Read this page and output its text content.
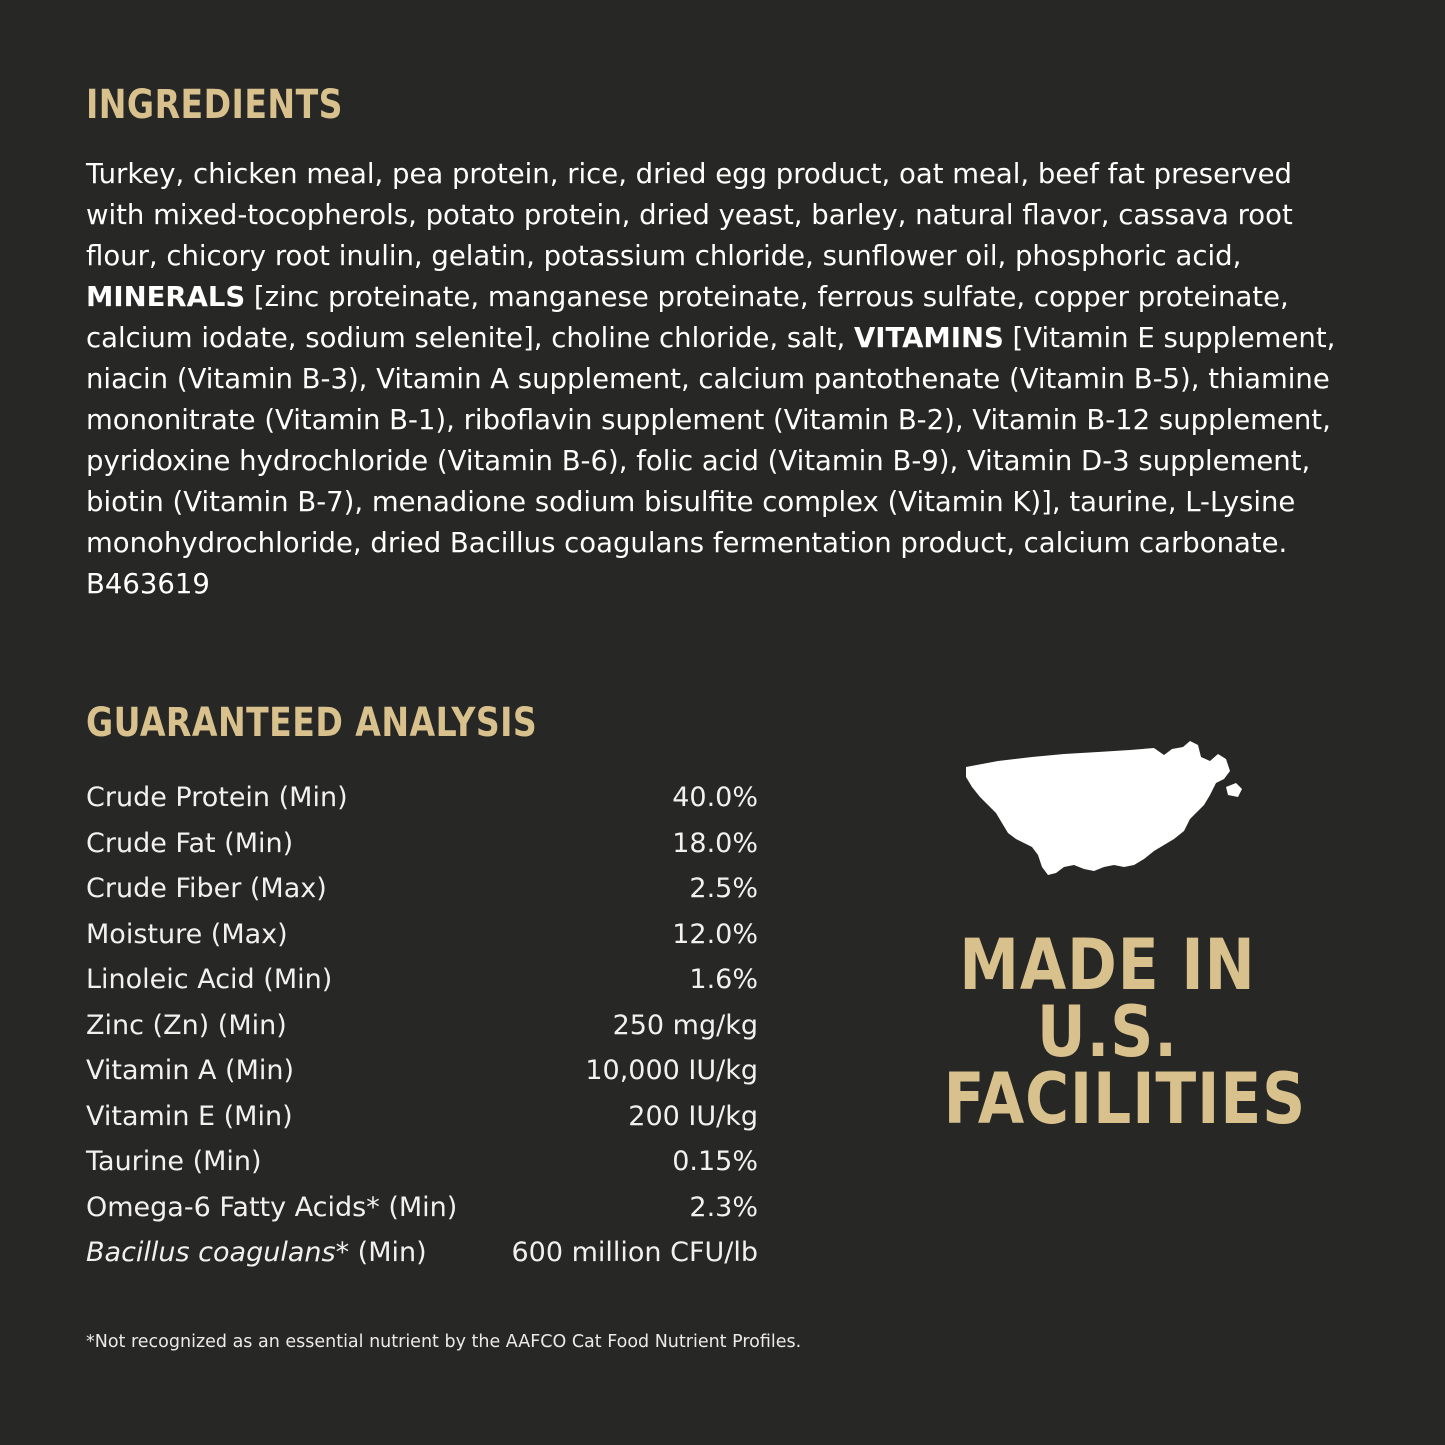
INGREDIENTS
Turkey, chicken meal, pea protein, rice, dried egg product, oat meal, beef fat preserved with mixed-tocopherols, potato protein, dried yeast, barley, natural flavor, cassava root flour, chicory root inulin, gelatin, potassium chloride, sunflower oil, phosphoric acid, MINERALS [zinc proteinate, manganese proteinate, ferrous sulfate, copper proteinate, calcium iodate, sodium selenite], choline chloride, salt, VITAMINS [Vitamin E supplement, niacin (Vitamin B-3), Vitamin A supplement, calcium pantothenate (Vitamin B-5), thiamine mononitrate (Vitamin B-1), riboflavin supplement (Vitamin B-2), Vitamin B-12 supplement, pyridoxine hydrochloride (Vitamin B-6), folic acid (Vitamin B-9), Vitamin D-3 supplement, biotin (Vitamin B-7), menadione sodium bisulfite complex (Vitamin K)], taurine, L-Lysine monohydrochloride, dried Bacillus coagulans fermentation product, calcium carbonate. B463619
GUARANTEED ANALYSIS
Crude Protein (Min)	40.0%
Crude Fat (Min)	18.0%
Crude Fiber (Max)	2.5%
Moisture (Max)	12.0%
Linoleic Acid (Min)	1.6%
Zinc (Zn) (Min)	250 mg/kg
Vitamin A (Min)	10,000 IU/kg
Vitamin E (Min)	200 IU/kg
Taurine (Min)	0.15%
Omega-6 Fatty Acids* (Min)	2.3%
Bacillus coagulans* (Min)	600 million CFU/lb
MADE IN
U.S.
FACILITIES
*Not recognized as an essential nutrient by the AAFCO Cat Food Nutrient Profiles.
